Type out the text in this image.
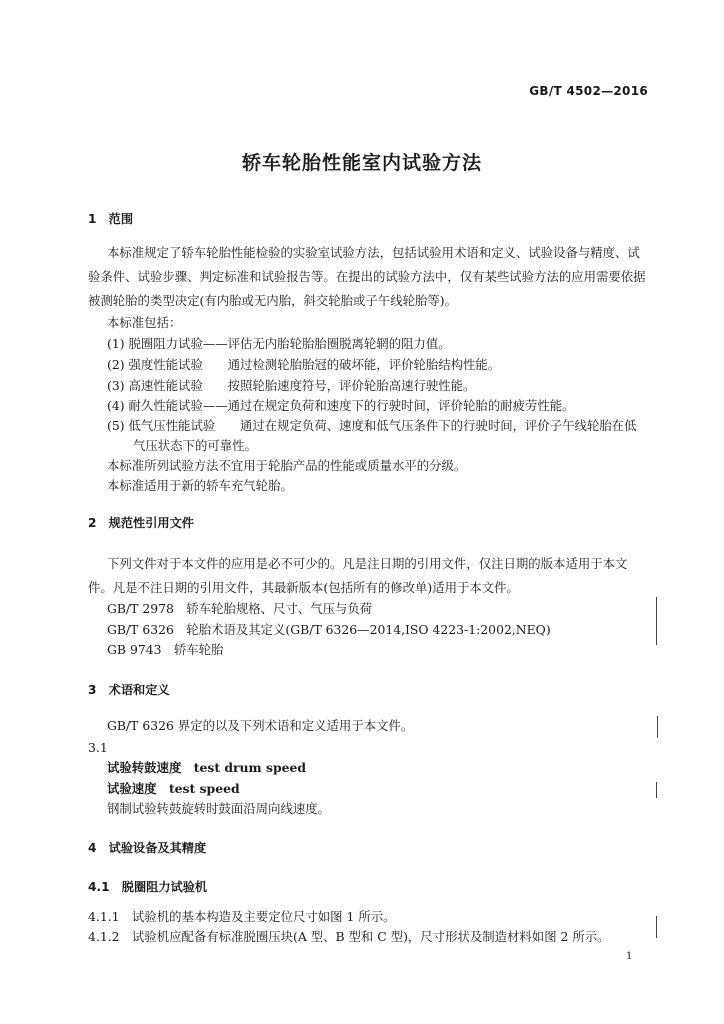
GB/T 4502—2016
轿车轮胎性能室内试验方法
1　范围
本标准规定了轿车轮胎性能检验的实验室试验方法，包括试验用术语和定义、试验设备与精度、试
验条件、试验步骤、判定标准和试验报告等。在提出的试验方法中，仅有某些试验方法的应用需要依据
被测轮胎的类型决定(有内胎或无内胎，斜交轮胎或子午线轮胎等)。
本标准包括：
(1) 脱圈阻力试验——评估无内胎轮胎胎圈脱离轮辋的阻力值。
(2) 强度性能试验　　通过检测轮胎胎冠的破坏能，评价轮胎结构性能。
(3) 高速性能试验　　按照轮胎速度符号，评价轮胎高速行驶性能。
(4) 耐久性能试验——通过在规定负荷和速度下的行驶时间，评价轮胎的耐疲劳性能。
(5) 低气压性能试验　　通过在规定负荷、速度和低气压条件下的行驶时间，评价子午线轮胎在低
气压状态下的可靠性。
本标准所列试验方法不宜用于轮胎产品的性能或质量水平的分级。
本标准适用于新的轿车充气轮胎。
2　规范性引用文件
下列文件对于本文件的应用是必不可少的。凡是注日期的引用文件，仅注日期的版本适用于本文
件。凡是不注日期的引用文件，其最新版本(包括所有的修改单)适用于本文件。
GB/T 2978　轿车轮胎规格、尺寸、气压与负荷
GB/T 6326　轮胎术语及其定义(GB/T 6326—2014,ISO 4223-1:2002,NEQ)
GB 9743　轿车轮胎
3　术语和定义
GB/T 6326 界定的以及下列术语和定义适用于本文件。
3.1
试验转鼓速度　test drum speed
试验速度　test speed
钢制试验转鼓旋转时鼓面沿周向线速度。
4　试验设备及其精度
4.1　脱圈阻力试验机
4.1.1　试验机的基本构造及主要定位尺寸如图 1 所示。
4.1.2　试验机应配备有标准脱圈压块(A 型、B 型和 C 型)，尺寸形状及制造材料如图 2 所示。
1
